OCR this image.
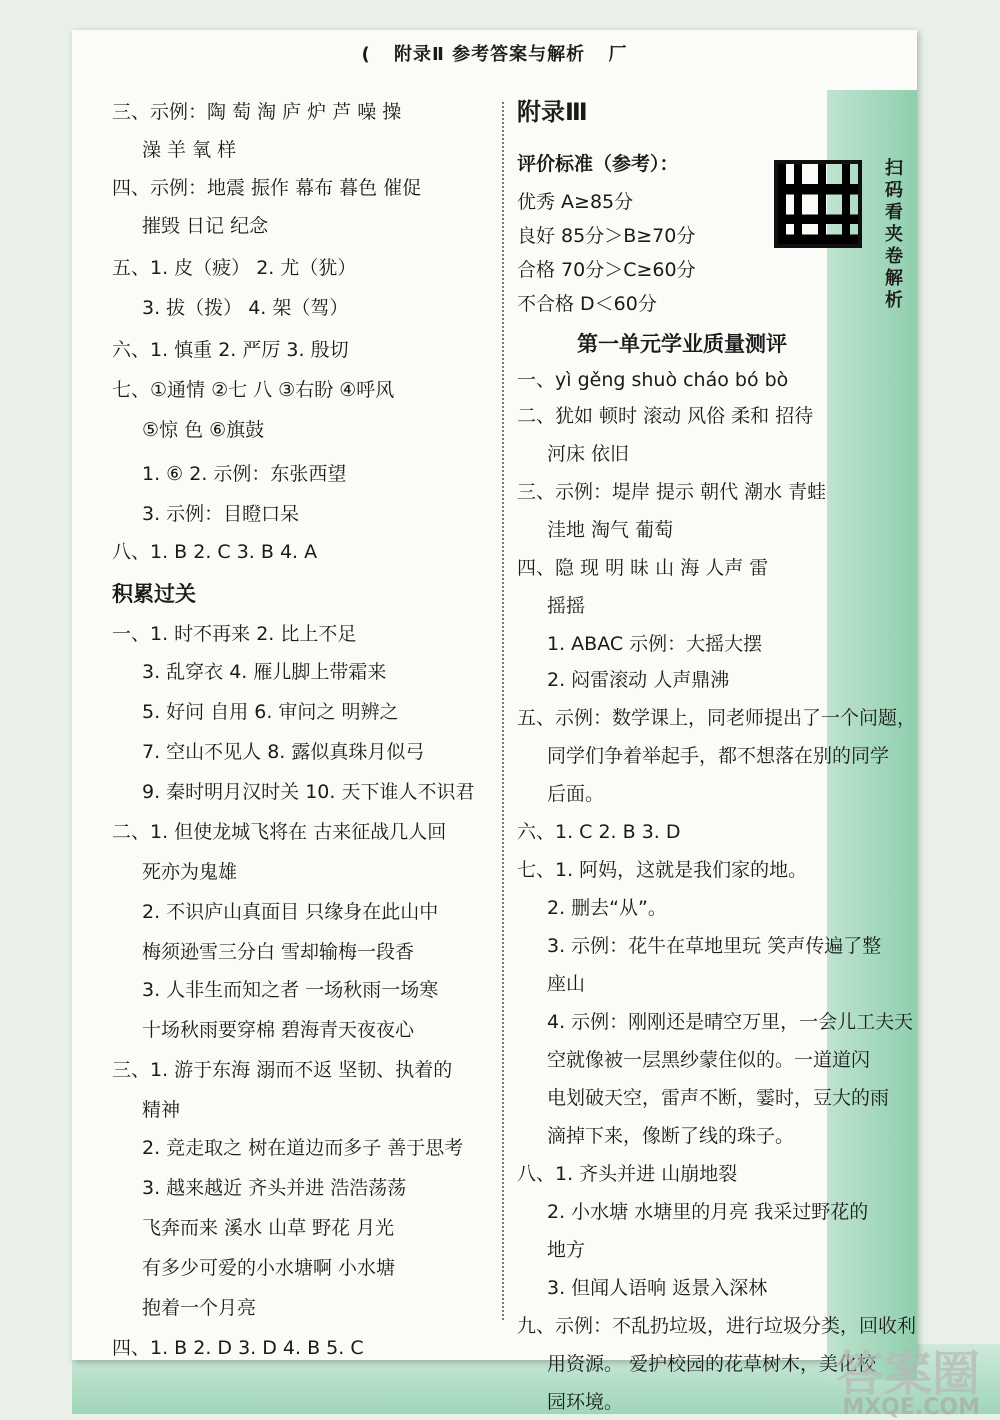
( 附录Ⅱ 参考答案与解析 厂
三、示例：陶 萄 淘 庐 炉 芦 噪 操
澡 羊 氧 样
四、示例：地震 振作 幕布 暮色 催促
摧毁 日记 纪念
五、1. 皮（疲） 2. 尤（犹）
3. 拔（拨） 4. 架（驾）
六、1. 慎重 2. 严厉 3. 殷切
七、①通情 ②七 八 ③右盼 ④呼风
⑤惊 色 ⑥旗鼓
1. ⑥ 2. 示例：东张西望
3. 示例：目瞪口呆
八、1. B 2. C 3. B 4. A
积累过关
一、1. 时不再来 2. 比上不足
3. 乱穿衣 4. 雁儿脚上带霜来
5. 好问 自用 6. 审问之 明辨之
7. 空山不见人 8. 露似真珠月似弓
9. 秦时明月汉时关 10. 天下谁人不识君
二、1. 但使龙城飞将在 古来征战几人回
死亦为鬼雄
2. 不识庐山真面目 只缘身在此山中
梅须逊雪三分白 雪却输梅一段香
3. 人非生而知之者 一场秋雨一场寒
十场秋雨要穿棉 碧海青天夜夜心
三、1. 游于东海 溺而不返 坚韧、执着的
精神
2. 竞走取之 树在道边而多子 善于思考
3. 越来越近 齐头并进 浩浩荡荡
飞奔而来 溪水 山草 野花 月光
有多少可爱的小水塘啊 小水塘
抱着一个月亮
四、1. B 2. D 3. D 4. B 5. C
附录Ⅲ
评价标准（参考）：
优秀 A≥85分
良好 85分＞B≥70分
合格 70分＞C≥60分
不合格 D＜60分
第一单元学业质量测评
一、yì gěng shuò cháo bó bò
二、犹如 顿时 滚动 风俗 柔和 招待
河床 依旧
三、示例：堤岸 提示 朝代 潮水 青蛙
洼地 淘气 葡萄
四、隐 现 明 昧 山 海 人声 雷
摇摇
1. ABAC 示例：大摇大摆
2. 闷雷滚动 人声鼎沸
五、示例：数学课上，同老师提出了一个问题，
同学们争着举起手，都不想落在别的同学
后面。
六、1. C 2. B 3. D
七、1. 阿妈，这就是我们家的地。
2. 删去“从”。
3. 示例：花牛在草地里玩 笑声传遍了整
座山
4. 示例：刚刚还是晴空万里，一会儿工夫天
空就像被一层黑纱蒙住似的。一道道闪
电划破天空，雷声不断，霎时，豆大的雨
滴掉下来，像断了线的珠子。
八、1. 齐头并进 山崩地裂
2. 小水塘 水塘里的月亮 我采过野花的
地方
3. 但闻人语响 返景入深林
九、示例：不乱扔垃圾，进行垃圾分类，回收利
用资源。 爱护校园的花草树木，美化校
园环境。
扫码看夹卷解析
答案圈
MXQE.COM
